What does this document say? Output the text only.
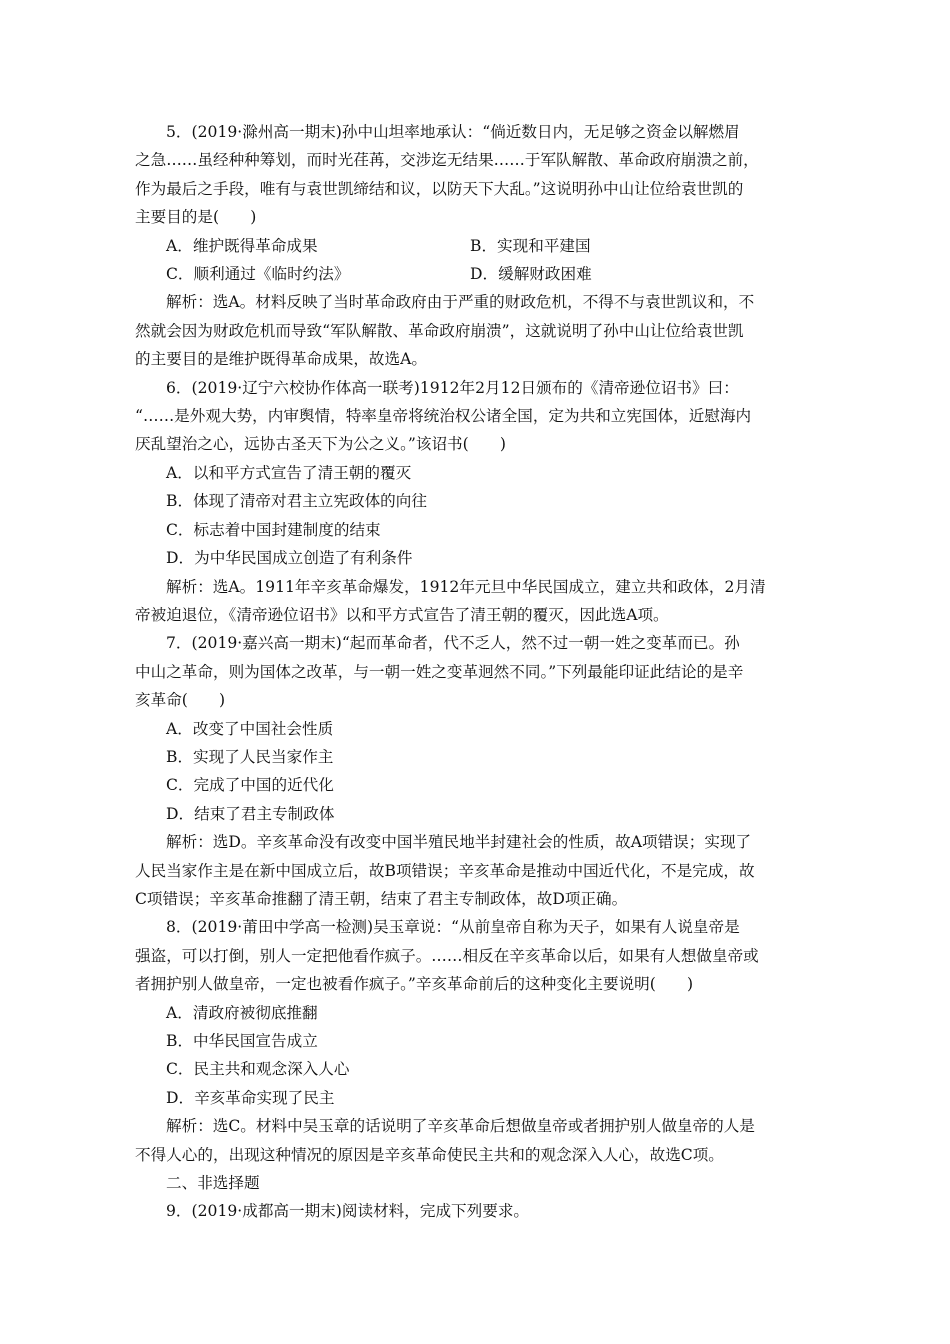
5．(2019·滁州高一期末)孙中山坦率地承认：“倘近数日内，无足够之资金以解燃眉
之急……虽经种种筹划，而时光荏苒，交涉迄无结果……于军队解散、革命政府崩溃之前，
作为最后之手段，唯有与袁世凯缔结和议，以防天下大乱。”这说明孙中山让位给袁世凯的
主要目的是(　　)
A．维护既得革命成果	B．实现和平建国
C．顺利通过《临时约法》	D．缓解财政困难
解析：选A。材料反映了当时革命政府由于严重的财政危机，不得不与袁世凯议和，不
然就会因为财政危机而导致“军队解散、革命政府崩溃”，这就说明了孙中山让位给袁世凯
的主要目的是维护既得革命成果，故选A。
6．(2019·辽宁六校协作体高一联考)1912年2月12日颁布的《清帝逊位诏书》曰：
“……是外观大势，内审舆情，特率皇帝将统治权公诸全国，定为共和立宪国体，近慰海内
厌乱望治之心，远协古圣天下为公之义。”该诏书(　　)
A．以和平方式宣告了清王朝的覆灭
B．体现了清帝对君主立宪政体的向往
C．标志着中国封建制度的结束
D．为中华民国成立创造了有利条件
解析：选A。1911年辛亥革命爆发，1912年元旦中华民国成立，建立共和政体，2月清
帝被迫退位，《清帝逊位诏书》以和平方式宣告了清王朝的覆灭，因此选A项。
7．(2019·嘉兴高一期末)“起而革命者，代不乏人，然不过一朝一姓之变革而已。孙
中山之革命，则为国体之改革，与一朝一姓之变革迥然不同。”下列最能印证此结论的是辛
亥革命(　　)
A．改变了中国社会性质
B．实现了人民当家作主
C．完成了中国的近代化
D．结束了君主专制政体
解析：选D。辛亥革命没有改变中国半殖民地半封建社会的性质，故A项错误；实现了
人民当家作主是在新中国成立后，故B项错误；辛亥革命是推动中国近代化，不是完成，故
C项错误；辛亥革命推翻了清王朝，结束了君主专制政体，故D项正确。
8．(2019·莆田中学高一检测)吴玉章说：“从前皇帝自称为天子，如果有人说皇帝是
强盗，可以打倒，别人一定把他看作疯子。……相反在辛亥革命以后，如果有人想做皇帝或
者拥护别人做皇帝，一定也被看作疯子。”辛亥革命前后的这种变化主要说明(　　)
A．清政府被彻底推翻
B．中华民国宣告成立
C．民主共和观念深入人心
D．辛亥革命实现了民主
解析：选C。材料中吴玉章的话说明了辛亥革命后想做皇帝或者拥护别人做皇帝的人是
不得人心的，出现这种情况的原因是辛亥革命使民主共和的观念深入人心，故选C项。
二、非选择题
9．(2019·成都高一期末)阅读材料，完成下列要求。
